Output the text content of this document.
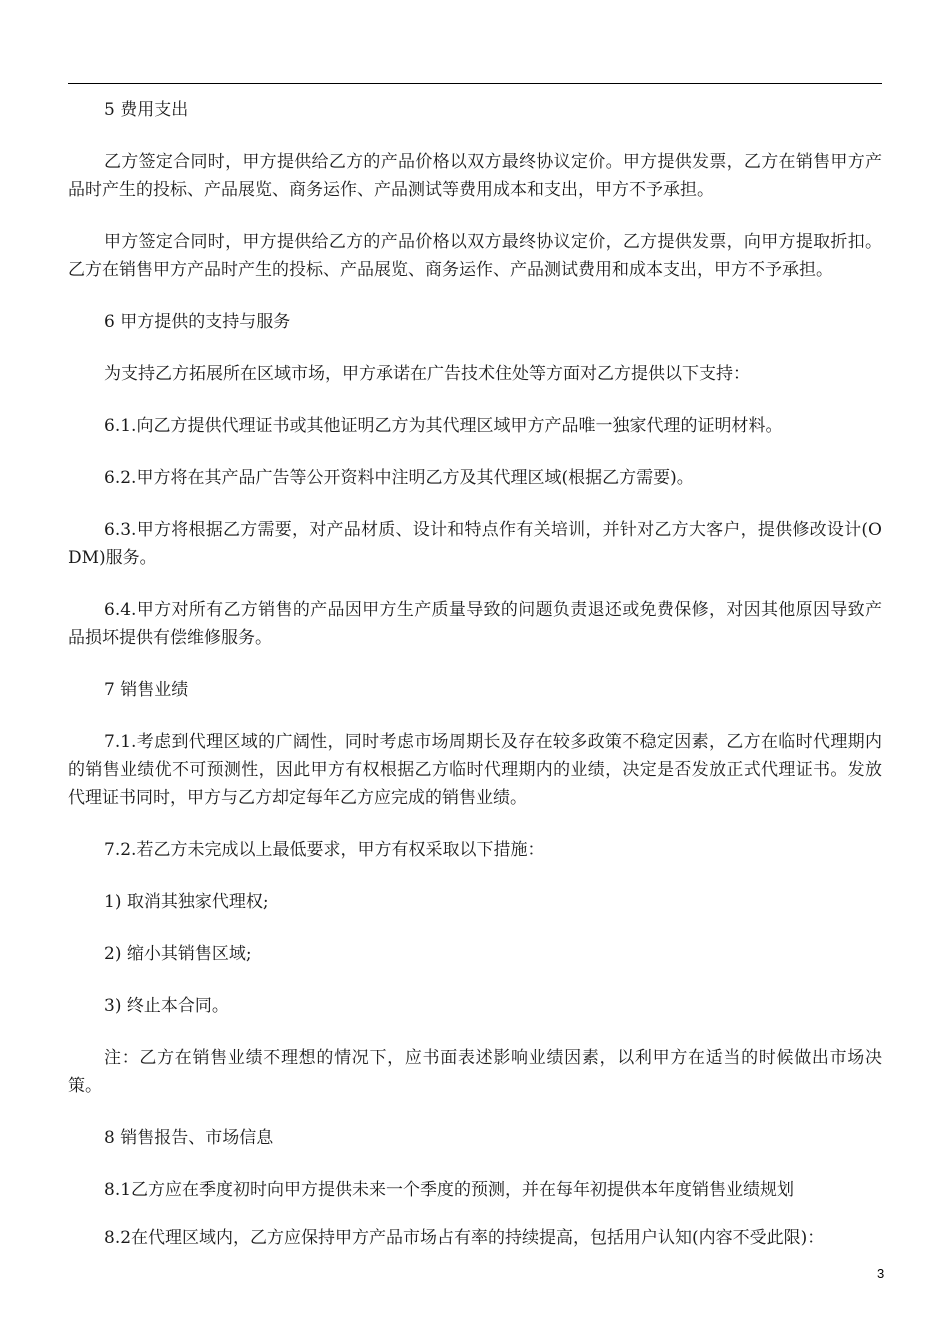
5 费用支出

乙方签定合同时，甲方提供给乙方的产品价格以双方最终协议定价。甲方提供发票，乙方在销售甲方产品时产生的投标、产品展览、商务运作、产品测试等费用成本和支出，甲方不予承担。

甲方签定合同时，甲方提供给乙方的产品价格以双方最终协议定价，乙方提供发票，向甲方提取折扣。乙方在销售甲方产品时产生的投标、产品展览、商务运作、产品测试费用和成本支出，甲方不予承担。

6 甲方提供的支持与服务

为支持乙方拓展所在区域市场，甲方承诺在广告技术住处等方面对乙方提供以下支持：

6.1.向乙方提供代理证书或其他证明乙方为其代理区域甲方产品唯一独家代理的证明材料。

6.2.甲方将在其产品广告等公开资料中注明乙方及其代理区域(根据乙方需要)。

6.3.甲方将根据乙方需要，对产品材质、设计和特点作有关培训，并针对乙方大客户，提供修改设计(ODM)服务。

6.4.甲方对所有乙方销售的产品因甲方生产质量导致的问题负责退还或免费保修，对因其他原因导致产品损坏提供有偿维修服务。

7 销售业绩

7.1.考虑到代理区域的广阔性，同时考虑市场周期长及存在较多政策不稳定因素，乙方在临时代理期内的销售业绩优不可预测性，因此甲方有权根据乙方临时代理期内的业绩，决定是否发放正式代理证书。发放代理证书同时，甲方与乙方却定每年乙方应完成的销售业绩。

7.2.若乙方未完成以上最低要求，甲方有权采取以下措施：

1) 取消其独家代理权;

2) 缩小其销售区域;

3) 终止本合同。

注：乙方在销售业绩不理想的情况下，应书面表述影响业绩因素，以利甲方在适当的时候做出市场决策。

8 销售报告、市场信息

8.1乙方应在季度初时向甲方提供未来一个季度的预测，并在每年初提供本年度销售业绩规划

8.2在代理区域内，乙方应保持甲方产品市场占有率的持续提高，包括用户认知(内容不受此限)：

3
